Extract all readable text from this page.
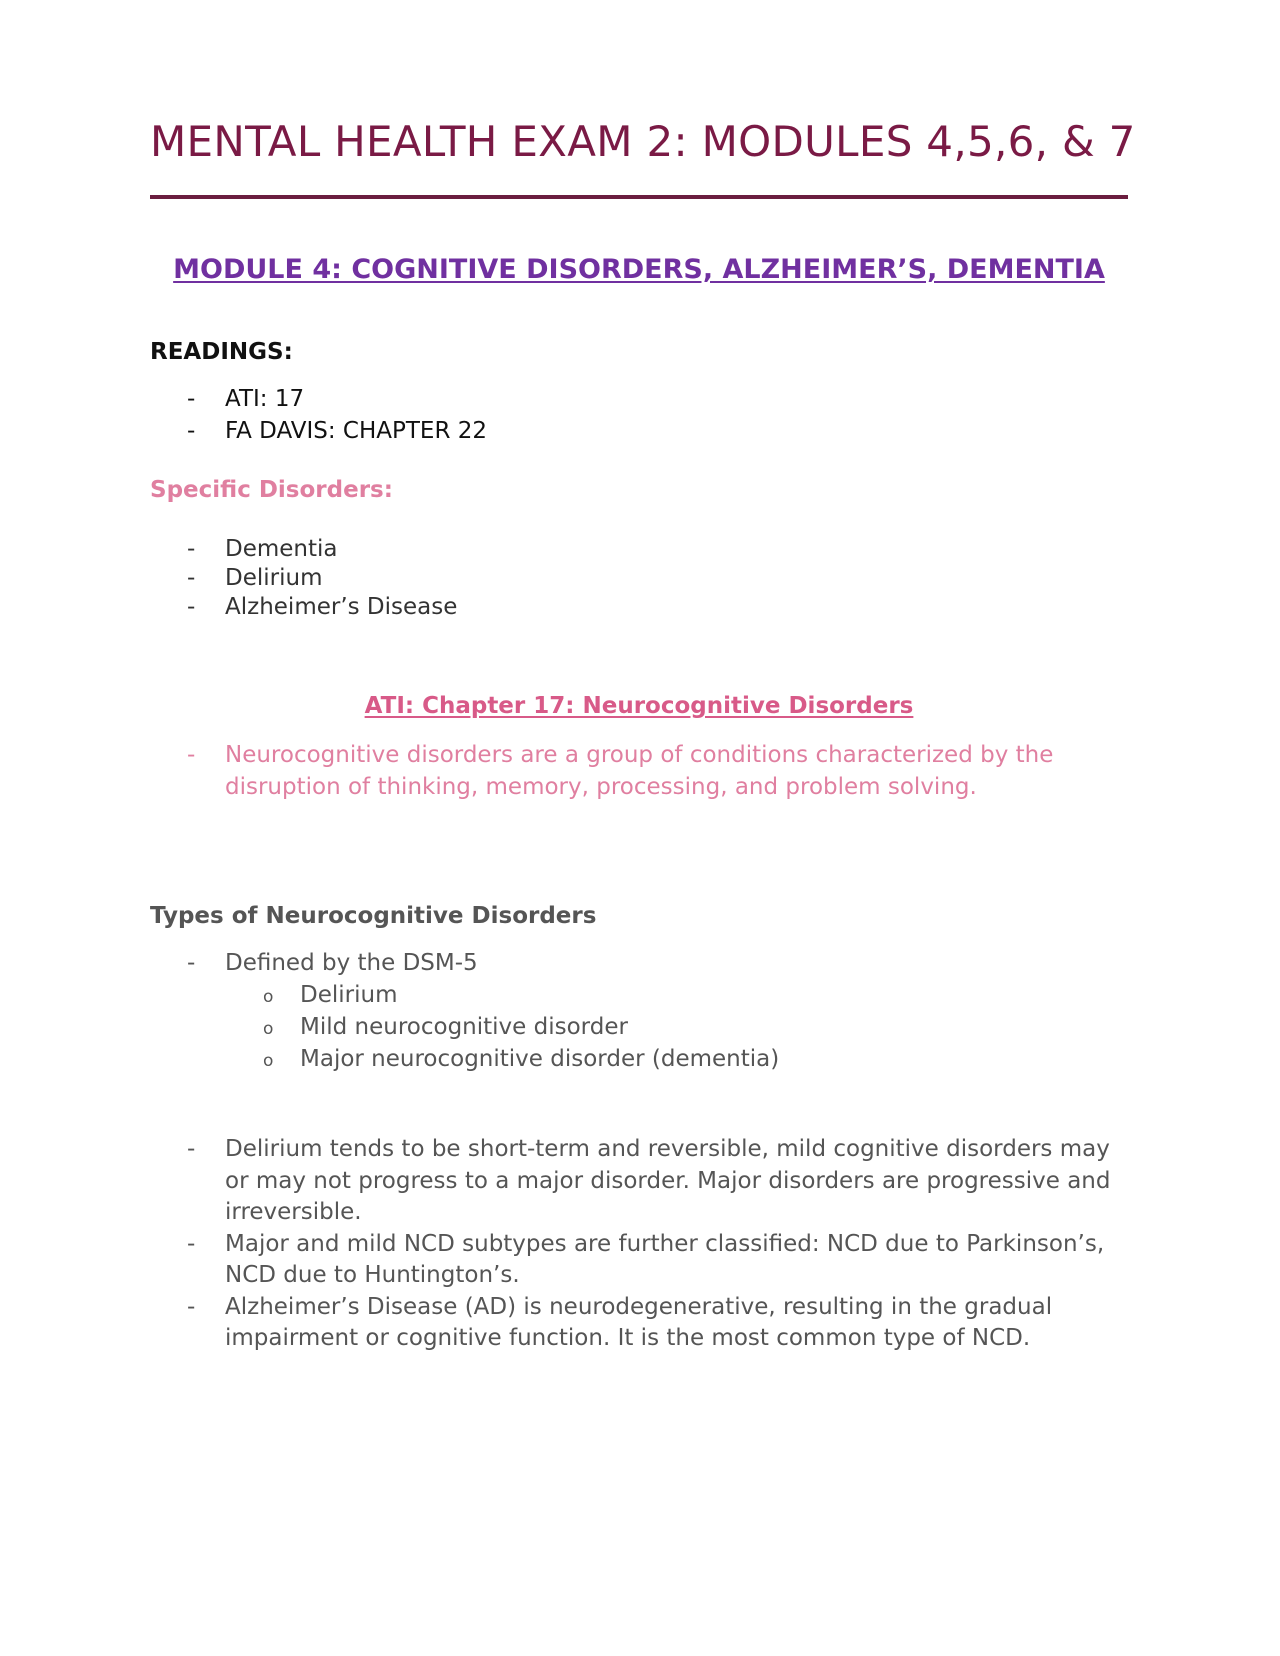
MENTAL HEALTH EXAM 2: MODULES 4,5,6, & 7
MODULE 4: COGNITIVE DISORDERS, ALZHEIMER’S, DEMENTIA
READINGS:
- ATI: 17
- FA DAVIS: CHAPTER 22
Specific Disorders:
- Dementia
- Delirium
- Alzheimer’s Disease
ATI: Chapter 17: Neurocognitive Disorders
- Neurocognitive disorders are a group of conditions characterized by the disruption of thinking, memory, processing, and problem solving.
Types of Neurocognitive Disorders
- Defined by the DSM-5
o Delirium
o Mild neurocognitive disorder
o Major neurocognitive disorder (dementia)
- Delirium tends to be short-term and reversible, mild cognitive disorders may or may not progress to a major disorder. Major disorders are progressive and irreversible.
- Major and mild NCD subtypes are further classified: NCD due to Parkinson’s, NCD due to Huntington’s.
- Alzheimer’s Disease (AD) is neurodegenerative, resulting in the gradual impairment or cognitive function. It is the most common type of NCD.
